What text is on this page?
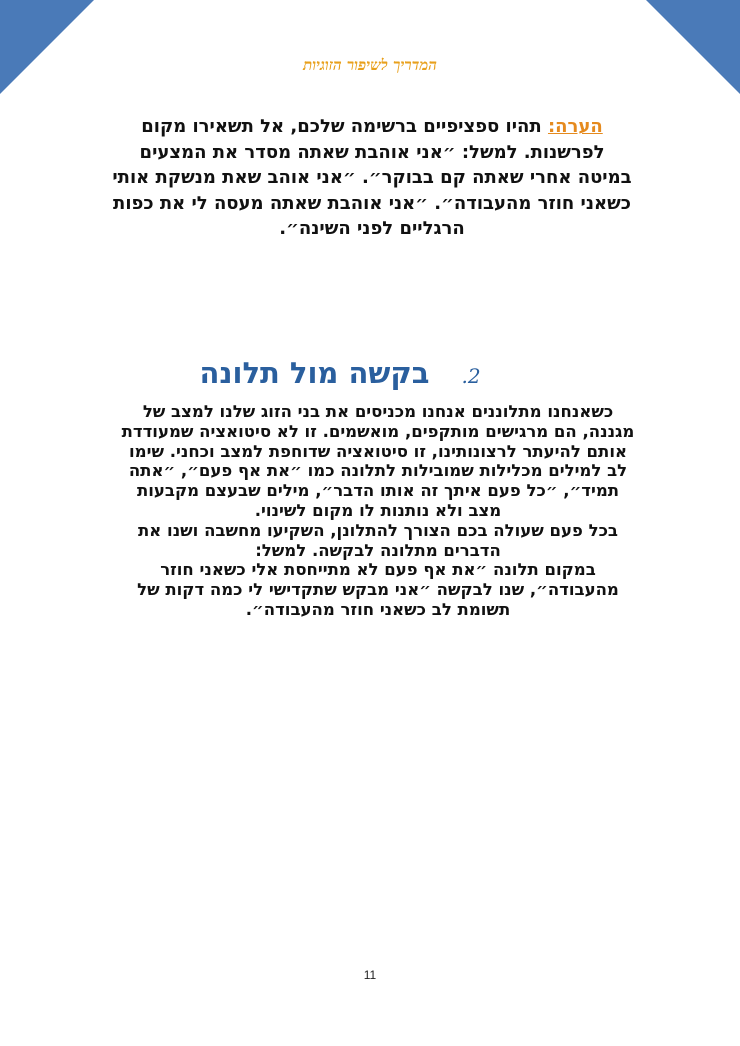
המדריך לשיפור הזוגיות
הערה: תהיו ספציפיים ברשימה שלכם, אל תשאירו מקום לפרשנות. למשל: ״אני אוהבת שאתה מסדר את המצעים במיטה אחרי שאתה קם בבוקר״. ״אני אוהב שאת מנשקת אותי כשאני חוזר מהעבודה״. ״אני אוהבת שאתה מעסה לי את כפות הרגליים לפני השינה״.
2.בקשה מול תלונה

כשאנחנו מתלוננים אנחנו מכניסים את בני הזוג שלנו למצב של מגננה, הם מרגישים מותקפים, מואשמים. זו לא סיטואציה שמעודדת אותם להיעתר לרצונותינו, זו סיטואציה שדוחפת למצב וכחני. שימו לב למילים מכלילות שמובילות לתלונה כמו ״את אף פעם״, ״אתה תמיד״, ״כל פעם איתך זה אותו הדבר״, מילים שבעצם מקבעות מצב ולא נותנות לו מקום לשינוי.

בכל פעם שעולה בכם הצורך להתלונן, השקיעו מחשבה ושנו את הדברים מתלונה לבקשה. למשל:

במקום תלונה ״את אף פעם לא מתייחסת אלי כשאני חוזר מהעבודה״, שנו לבקשה ״אני מבקש שתקדישי לי כמה דקות של תשומת לב כשאני חוזר מהעבודה״.

11
